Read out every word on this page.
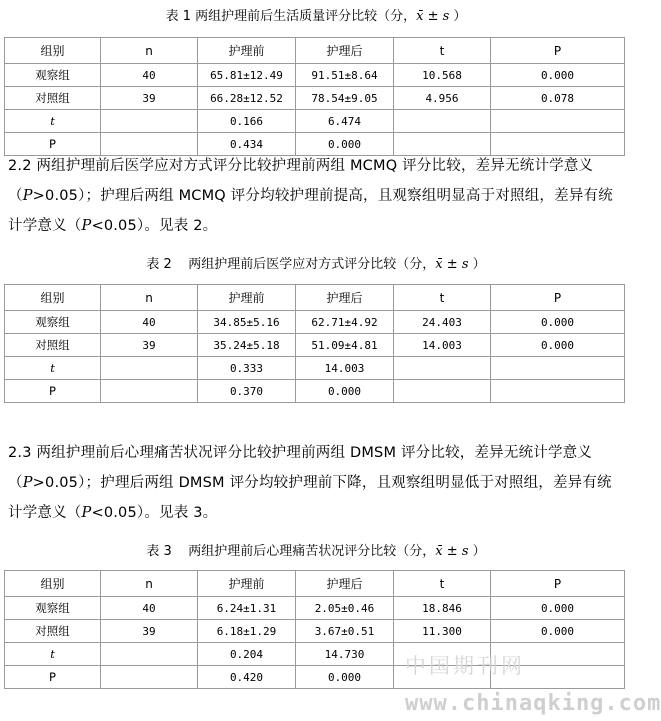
表 1 两组护理前后生活质量评分比较（分，x̄ ± s ）
组别	n	护理前	护理后	t	P
观察组	40	65.81±12.49	91.51±8.64	10.568	0.000
对照组	39	66.28±12.52	78.54±9.05	4.956	0.078
t		0.166	6.474		
P		0.434	0.000		
2.2 两组护理前后医学应对方式评分比较护理前两组 MCMQ 评分比较，差异无统计学意义（P>0.05）；护理后两组 MCMQ 评分均较护理前提高，且观察组明显高于对照组，差异有统计学意义（P<0.05）。见表 2。
表 2    两组护理前后医学应对方式评分比较（分，x̄ ± s ）
组别	n	护理前	护理后	t	P
观察组	40	34.85±5.16	62.71±4.92	24.403	0.000
对照组	39	35.24±5.18	51.09±4.81	14.003	0.000
t		0.333	14.003		
P		0.370	0.000		
2.3 两组护理前后心理痛苦状况评分比较护理前两组 DMSM 评分比较，差异无统计学意义（P>0.05）；护理后两组 DMSM 评分均较护理前下降，且观察组明显低于对照组，差异有统计学意义（P<0.05）。见表 3。
表 3    两组护理前后心理痛苦状况评分比较（分，x̄ ± s ）
组别	n	护理前	护理后	t	P
观察组	40	6.24±1.31	2.05±0.46	18.846	0.000
对照组	39	6.18±1.29	3.67±0.51	11.300	0.000
t		0.204	14.730		
P		0.420	0.000		中国期刊网
www.chinaqking.com
